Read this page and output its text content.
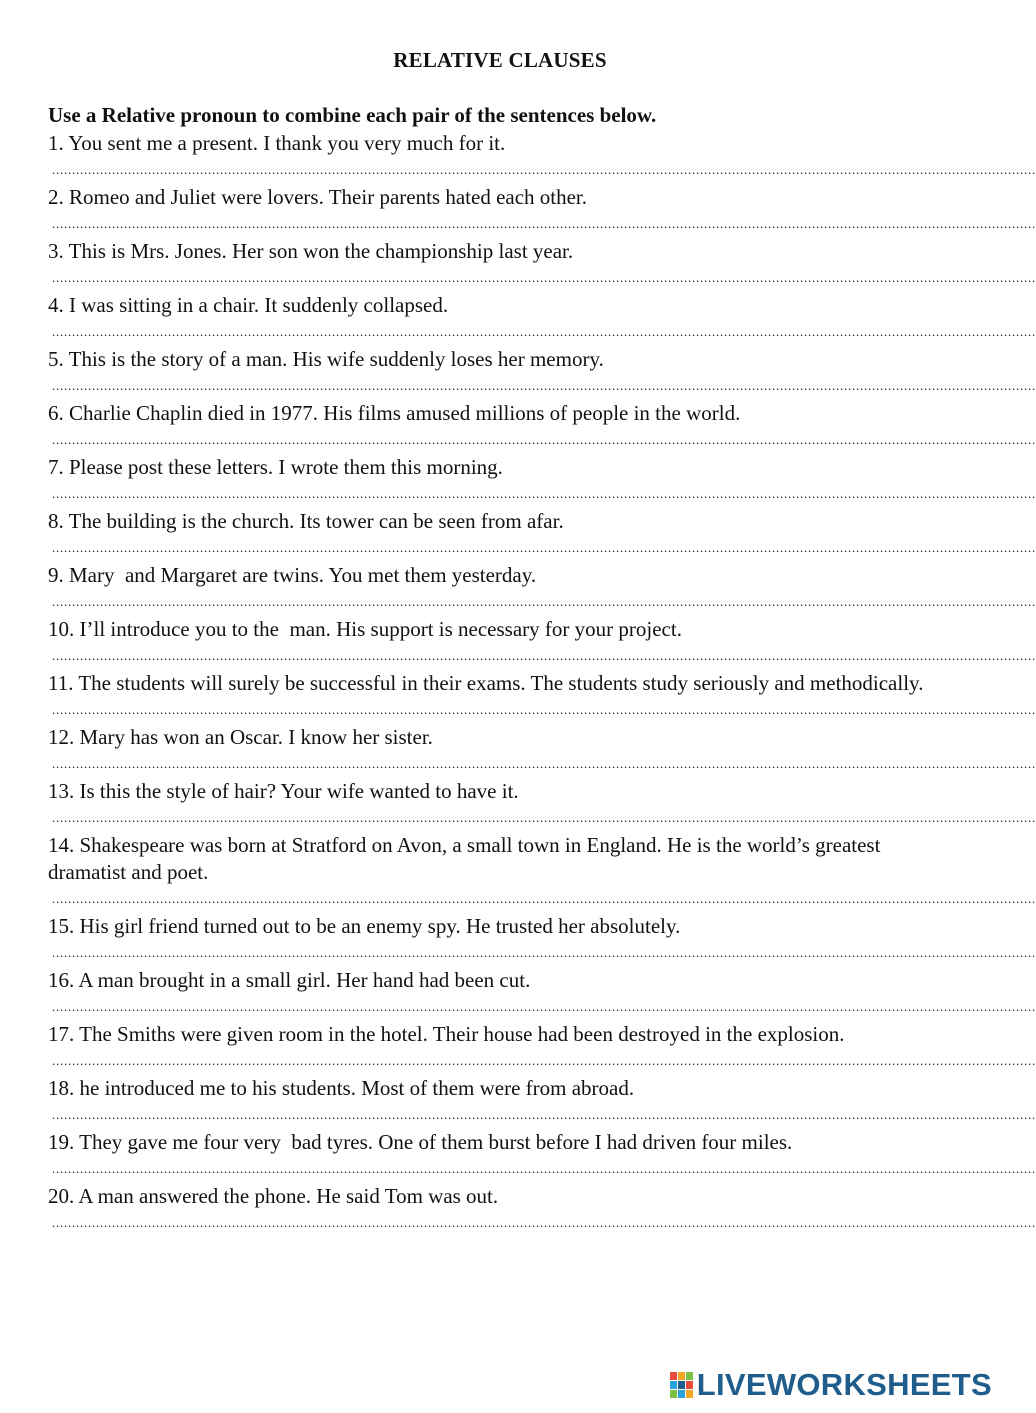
RELATIVE CLAUSES
Use a Relative pronoun to combine each pair of the sentences below.
1. You sent me a present. I thank you very much for it.
......................................................................................................................................................................................................................................................
2. Romeo and Juliet were lovers. Their parents hated each other.
......................................................................................................................................................................................................................................................
3. This is Mrs. Jones. Her son won the championship last year.
......................................................................................................................................................................................................................................................
4. I was sitting in a chair. It suddenly collapsed.
......................................................................................................................................................................................................................................................
5. This is the story of a man. His wife suddenly loses her memory.
......................................................................................................................................................................................................................................................
6. Charlie Chaplin died in 1977. His films amused millions of people in the world.
......................................................................................................................................................................................................................................................
7. Please post these letters. I wrote them this morning.
......................................................................................................................................................................................................................................................
8. The building is the church. Its tower can be seen from afar.
......................................................................................................................................................................................................................................................
9. Mary  and Margaret are twins. You met them yesterday.
......................................................................................................................................................................................................................................................
10. I’ll introduce you to the  man. His support is necessary for your project.
......................................................................................................................................................................................................................................................
11. The students will surely be successful in their exams. The students study seriously and methodically.
......................................................................................................................................................................................................................................................
12. Mary has won an Oscar. I know her sister.
......................................................................................................................................................................................................................................................
13. Is this the style of hair? Your wife wanted to have it.
......................................................................................................................................................................................................................................................
14. Shakespeare was born at Stratford on Avon, a small town in England. He is the world’s greatest dramatist and poet.
......................................................................................................................................................................................................................................................
15. His girl friend turned out to be an enemy spy. He trusted her absolutely.
......................................................................................................................................................................................................................................................
16. A man brought in a small girl. Her hand had been cut.
......................................................................................................................................................................................................................................................
17. The Smiths were given room in the hotel. Their house had been destroyed in the explosion.
......................................................................................................................................................................................................................................................
18. he introduced me to his students. Most of them were from abroad.
......................................................................................................................................................................................................................................................
19. They gave me four very  bad tyres. One of them burst before I had driven four miles.
......................................................................................................................................................................................................................................................
20. A man answered the phone. He said Tom was out.
......................................................................................................................................................................................................................................................
LIVEWORKSHEETS
